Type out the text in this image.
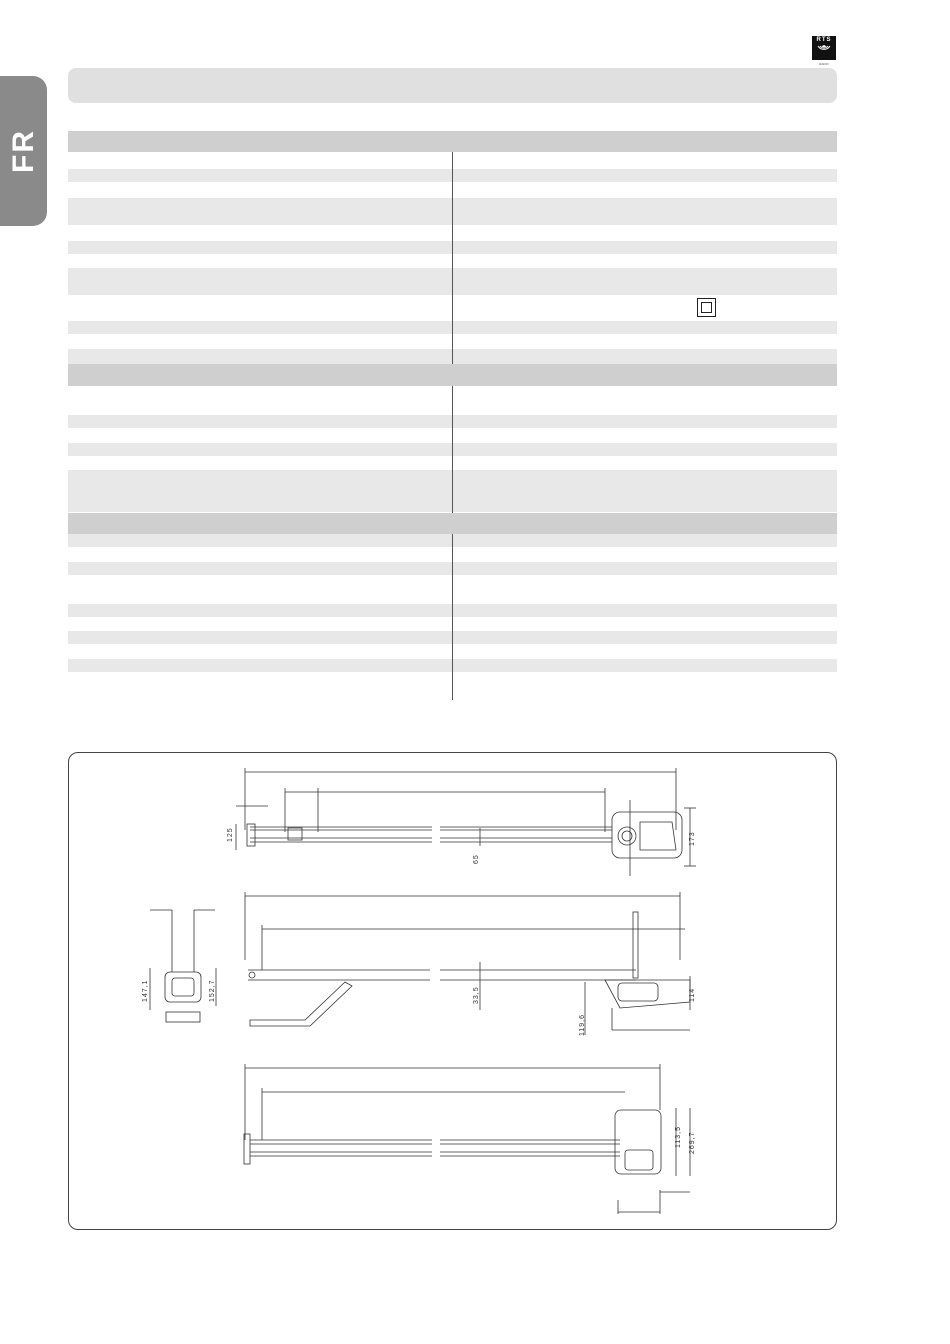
FR
RTS
RADIO
125
65
173
147,1	152,7	33,5
119,6
114
113,5 269,7
